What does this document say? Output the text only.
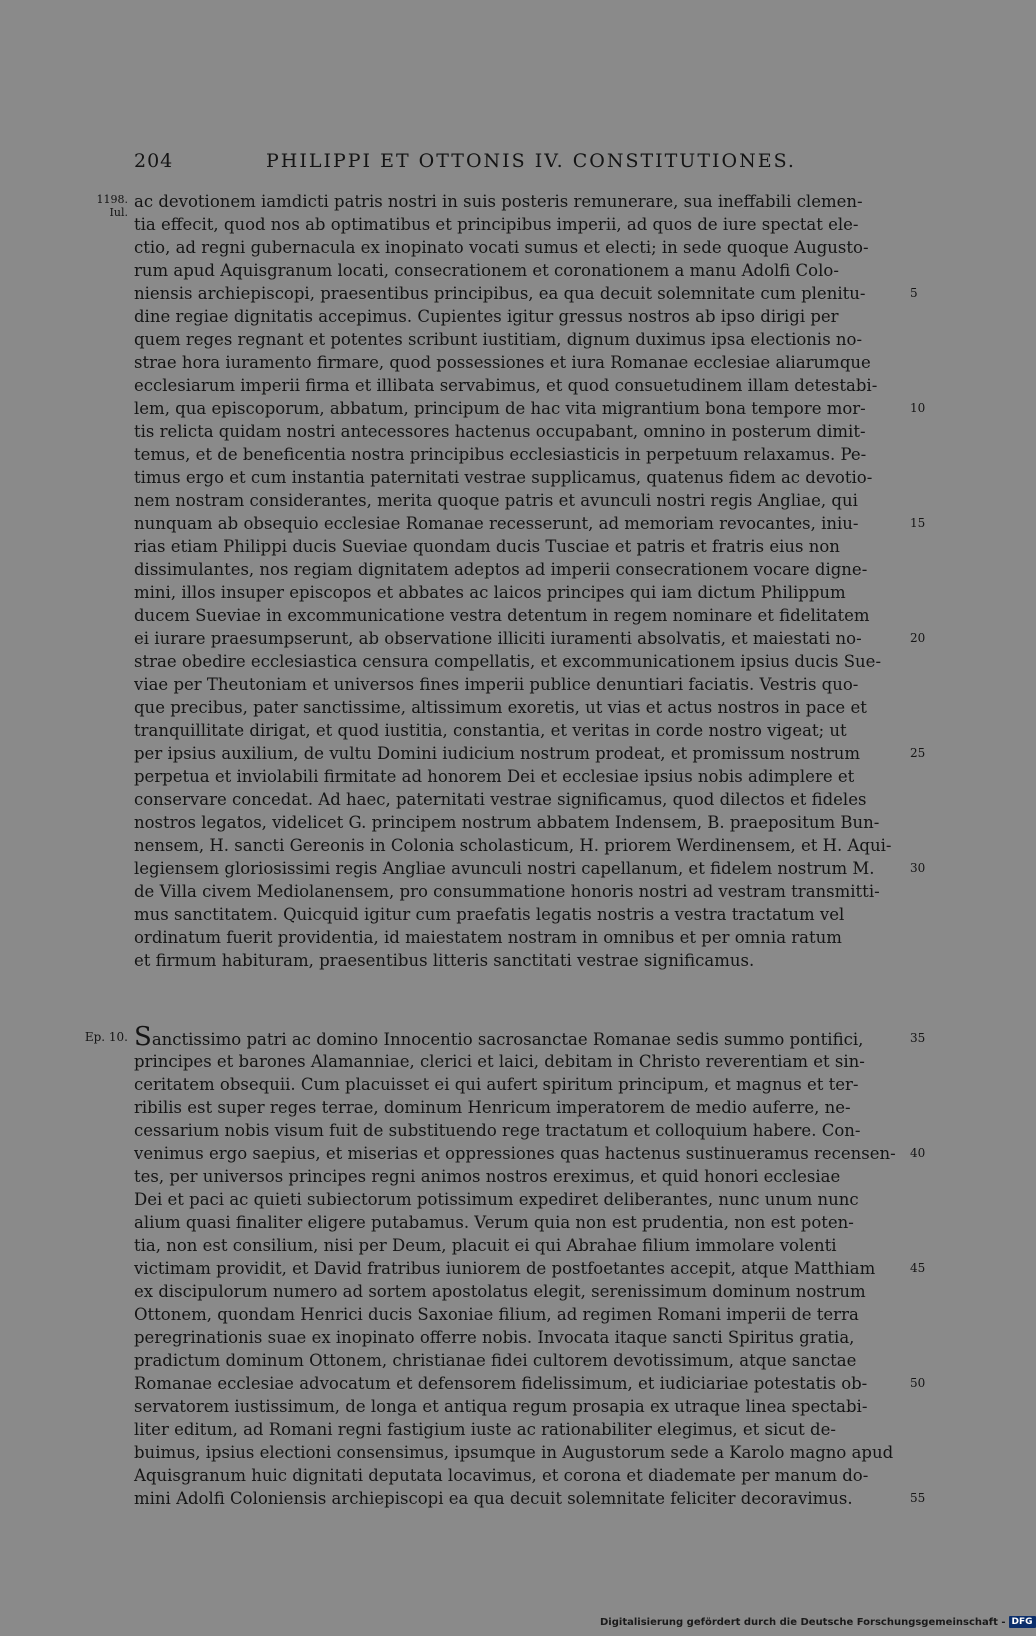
204	PHILIPPI ET OTTONIS IV. CONSTITUTIONES.
1198.
Iul.
ac devotionem iamdicti patris nostri in suis posteris remunerare, sua ineffabili clemen-
tia effecit, quod nos ab optimatibus et principibus imperii, ad quos de iure spectat ele-
ctio, ad regni gubernacula ex inopinato vocati sumus et electi; in sede quoque Augusto-
rum apud Aquisgranum locati, consecrationem et coronationem a manu Adolfi Colo-
niensis archiepiscopi, praesentibus principibus, ea qua decuit solemnitate cum plenitu-
dine regiae dignitatis accepimus. Cupientes igitur gressus nostros ab ipso dirigi per
quem reges regnant et potentes scribunt iustitiam, dignum duximus ipsa electionis no-
strae hora iuramento firmare, quod possessiones et iura Romanae ecclesiae aliarumque
ecclesiarum imperii firma et illibata servabimus, et quod consuetudinem illam detestabi-
lem, qua episcoporum, abbatum, principum de hac vita migrantium bona tempore mor-
tis relicta quidam nostri antecessores hactenus occupabant, omnino in posterum dimit-
temus, et de beneficentia nostra principibus ecclesiasticis in perpetuum relaxamus. Pe-
timus ergo et cum instantia paternitati vestrae supplicamus, quatenus fidem ac devotio-
nem nostram considerantes, merita quoque patris et avunculi nostri regis Angliae, qui
nunquam ab obsequio ecclesiae Romanae recesserunt, ad memoriam revocantes, iniu-
rias etiam Philippi ducis Sueviae quondam ducis Tusciae et patris et fratris eius non
dissimulantes, nos regiam dignitatem adeptos ad imperii consecrationem vocare digne-
mini, illos insuper episcopos et abbates ac laicos principes qui iam dictum Philippum
ducem Sueviae in excommunicatione vestra detentum in regem nominare et fidelitatem
ei iurare praesumpserunt, ab observatione illiciti iuramenti absolvatis, et maiestati no-
strae obedire ecclesiastica censura compellatis, et excommunicationem ipsius ducis Sue-
viae per Theutoniam et universos fines imperii publice denuntiari faciatis. Vestris quo-
que precibus, pater sanctissime, altissimum exoretis, ut vias et actus nostros in pace et
tranquillitate dirigat, et quod iustitia, constantia, et veritas in corde nostro vigeat; ut
per ipsius auxilium, de vultu Domini iudicium nostrum prodeat, et promissum nostrum
perpetua et inviolabili firmitate ad honorem Dei et ecclesiae ipsius nobis adimplere et
conservare concedat. Ad haec, paternitati vestrae significamus, quod dilectos et fideles
nostros legatos, videlicet G. principem nostrum abbatem Indensem, B. praepositum Bun-
nensem, H. sancti Gereonis in Colonia scholasticum, H. priorem Werdinensem, et H. Aqui-
legiensem gloriosissimi regis Angliae avunculi nostri capellanum, et fidelem nostrum M.
de Villa civem Mediolanensem, pro consummatione honoris nostri ad vestram transmitti-
mus sanctitatem. Quicquid igitur cum praefatis legatis nostris a vestra tractatum vel
ordinatum fuerit providentia, id maiestatem nostram in omnibus et per omnia ratum
et firmum habituram, praesentibus litteris sanctitati vestrae significamus.
5
10
15
20
25
30
Ep. 10. Sanctissimo patri ac domino Innocentio sacrosanctae Romanae sedis summo pontifici,
principes et barones Alamanniae, clerici et laici, debitam in Christo reverentiam et sin-
ceritatem obsequii. Cum placuisset ei qui aufert spiritum principum, et magnus et ter-
ribilis est super reges terrae, dominum Henricum imperatorem de medio auferre, ne-
cessarium nobis visum fuit de substituendo rege tractatum et colloquium habere. Con-
venimus ergo saepius, et miserias et oppressiones quas hactenus sustinueramus recensen-
tes, per universos principes regni animos nostros ereximus, et quid honori ecclesiae
Dei et paci ac quieti subiectorum potissimum expediret deliberantes, nunc unum nunc
alium quasi finaliter eligere putabamus. Verum quia non est prudentia, non est poten-
tia, non est consilium, nisi per Deum, placuit ei qui Abrahae filium immolare volenti
victimam providit, et David fratribus iuniorem de postfoetantes accepit, atque Matthiam
ex discipulorum numero ad sortem apostolatus elegit, serenissimum dominum nostrum
Ottonem, quondam Henrici ducis Saxoniae filium, ad regimen Romani imperii de terra
peregrinationis suae ex inopinato offerre nobis. Invocata itaque sancti Spiritus gratia,
pradictum dominum Ottonem, christianae fidei cultorem devotissimum, atque sanctae
Romanae ecclesiae advocatum et defensorem fidelissimum, et iudiciariae potestatis ob-
servatorem iustissimum, de longa et antiqua regum prosapia ex utraque linea spectabi-
liter editum, ad Romani regni fastigium iuste ac rationabiliter elegimus, et sicut de-
buimus, ipsius electioni consensimus, ipsumque in Augustorum sede a Karolo magno apud
Aquisgranum huic dignitati deputata locavimus, et corona et diademate per manum do-
mini Adolfi Coloniensis archiepiscopi ea qua decuit solemnitate feliciter decoravimus.
35
40
45
50
55
Digitalisierung gefördert durch die Deutsche Forschungsgemeinschaft - DFG
